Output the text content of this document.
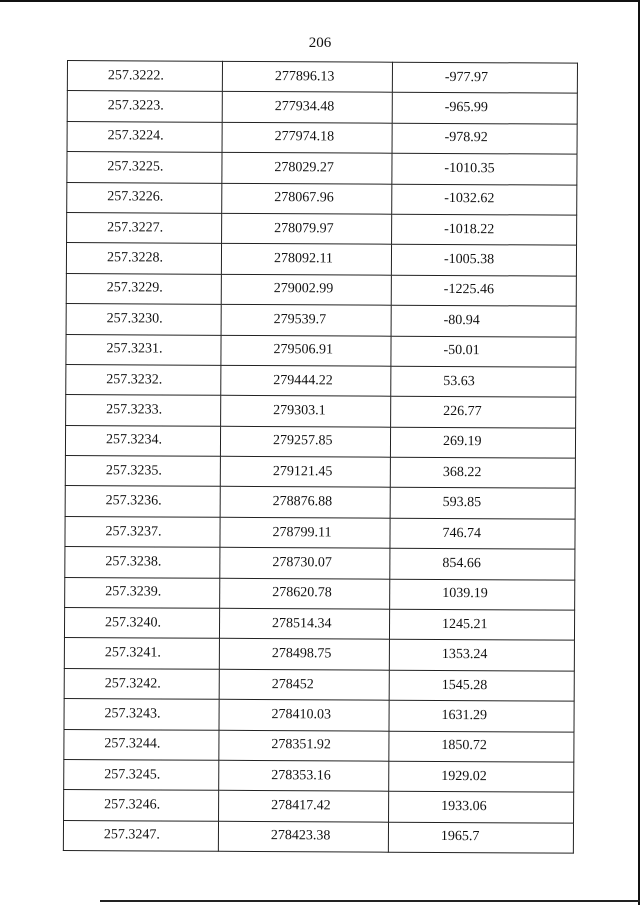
206
257.3222.	277896.13	-977.97
257.3223.	277934.48	-965.99
257.3224.	277974.18	-978.92
257.3225.	278029.27	-1010.35
257.3226.	278067.96	-1032.62
257.3227.	278079.97	-1018.22
257.3228.	278092.11	-1005.38
257.3229.	279002.99	-1225.46
257.3230.	279539.7	-80.94
257.3231.	279506.91	-50.01
257.3232.	279444.22	53.63
257.3233.	279303.1	226.77
257.3234.	279257.85	269.19
257.3235.	279121.45	368.22
257.3236.	278876.88	593.85
257.3237.	278799.11	746.74
257.3238.	278730.07	854.66
257.3239.	278620.78	1039.19
257.3240.	278514.34	1245.21
257.3241.	278498.75	1353.24
257.3242.	278452	1545.28
257.3243.	278410.03	1631.29
257.3244.	278351.92	1850.72
257.3245.	278353.16	1929.02
257.3246.	278417.42	1933.06
257.3247.	278423.38	1965.7
